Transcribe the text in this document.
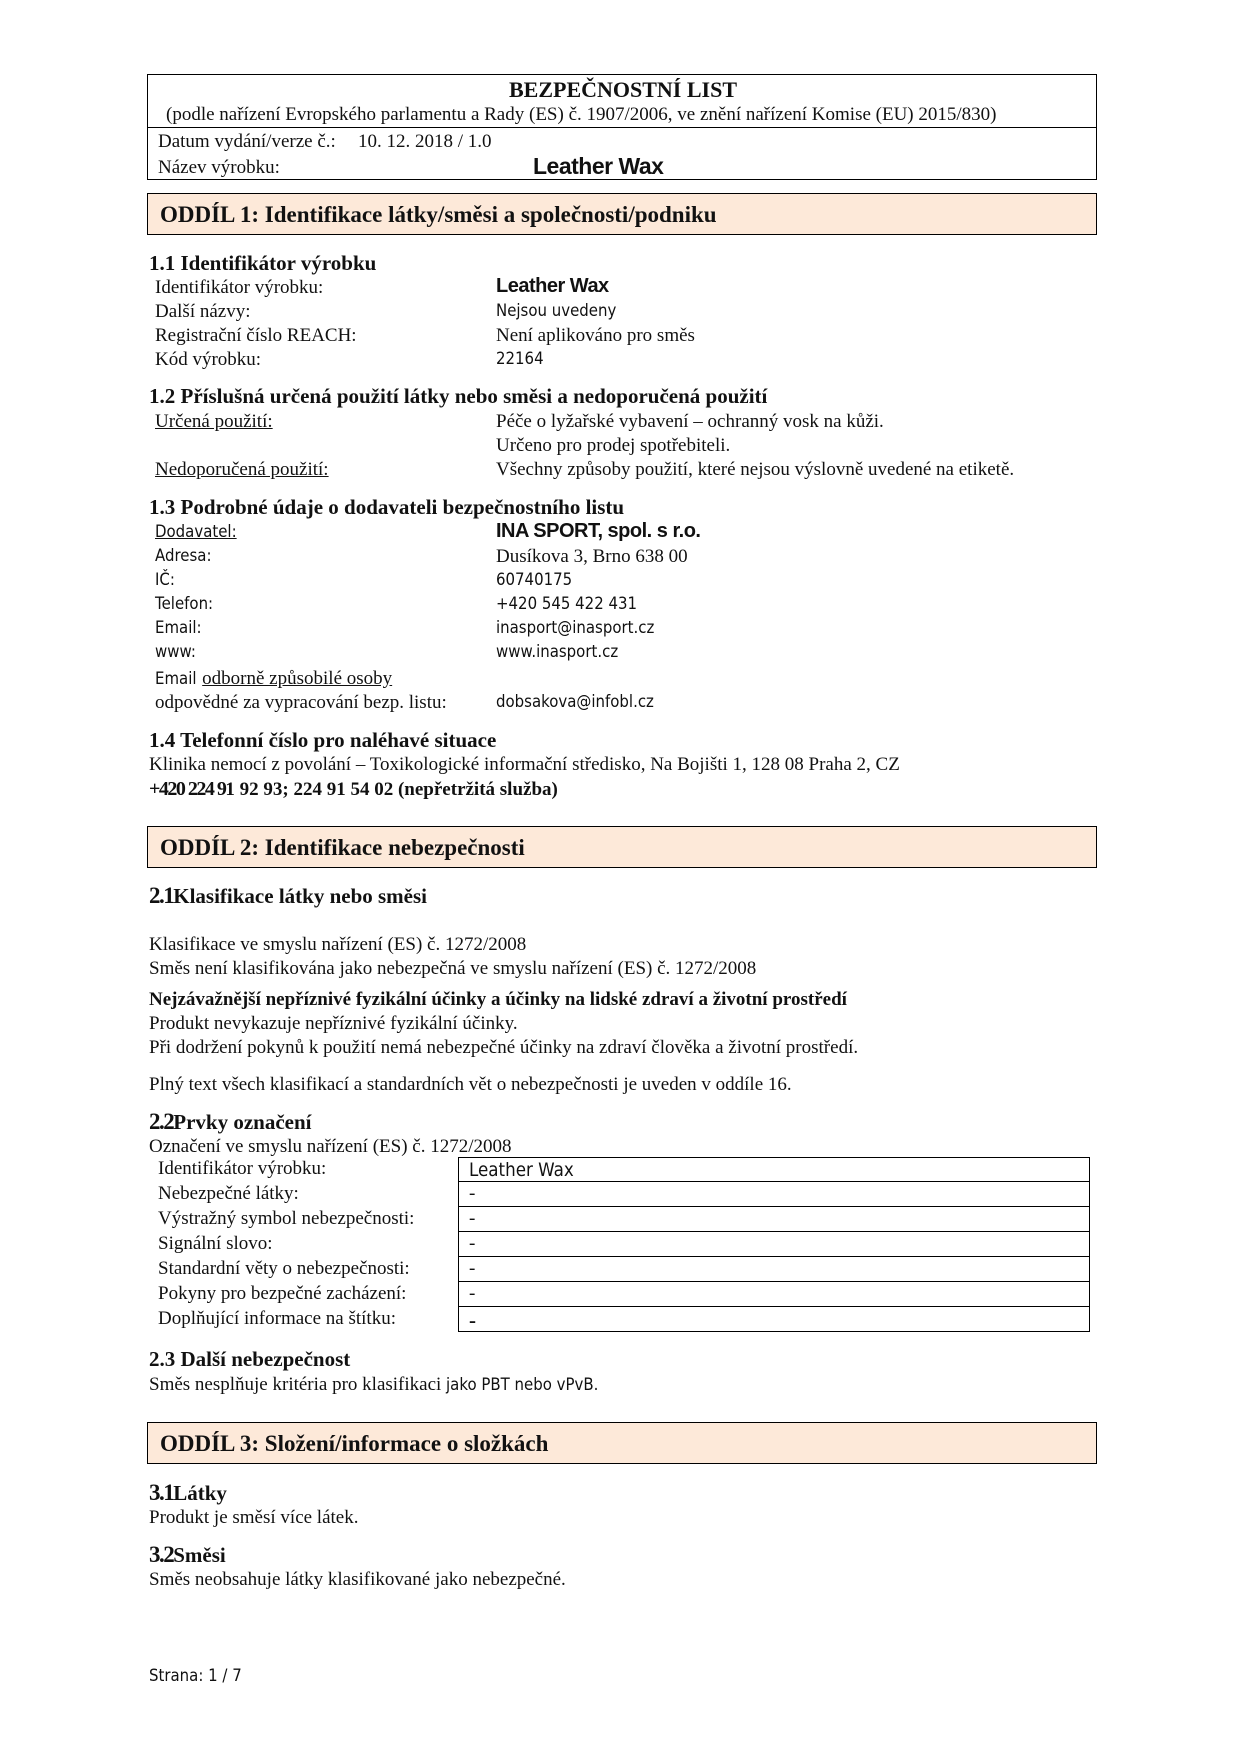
BEZPEČNOSTNÍ LIST
(podle nařízení Evropského parlamentu a Rady (ES) č. 1907/2006, ve znění nařízení Komise (EU) 2015/830)
Datum vydání/verze č.: 10. 12. 2018 / 1.0
Název výrobku:	Leather Wax
ODDÍL 1: Identifikace látky/směsi a společnosti/podniku
1.1 Identifikátor výrobku
Identifikátor výrobku:	Leather Wax
Další názvy:	Nejsou uvedeny
Registrační číslo REACH:	Není aplikováno pro směs
Kód výrobku:	22164
1.2 Příslušná určená použití látky nebo směsi a nedoporučená použití
Určená použití:	Péče o lyžařské vybavení – ochranný vosk na kůži.
Určeno pro prodej spotřebiteli.
Nedoporučená použití:	Všechny způsoby použití, které nejsou výslovně uvedené na etiketě.
1.3 Podrobné údaje o dodavateli bezpečnostního listu
Dodavatel:	INA SPORT, spol. s r.o.
Adresa:	Dusíkova 3, Brno 638 00
IČ:	60740175
Telefon:	+420 545 422 431
Email:	inasport@inasport.cz
www:	www.inasport.cz
Emailodborně způsobilé osoby
odpovědné za vypracování bezp. listu:	dobsakova@infobl.cz
1.4 Telefonní číslo pro naléhavé situace
Klinika nemocí z povolání – Toxikologické informační středisko, Na Bojišti 1, 128 08 Praha 2, CZ
+420 224 91 92 93; 224 91 54 02 (nepřetržitá služba)
ODDÍL 2: Identifikace nebezpečnosti
2.1Klasifikace látky nebo směsi
Klasifikace ve smyslu nařízení (ES) č. 1272/2008
Směs není klasifikována jako nebezpečná ve smyslu nařízení (ES) č. 1272/2008
Nejzávažnější nepříznivé fyzikální účinky a účinky na lidské zdraví a životní prostředí
Produkt nevykazuje nepříznivé fyzikální účinky.
Při dodržení pokynů k použití nemá nebezpečné účinky na zdraví člověka a životní prostředí.
Plný text všech klasifikací a standardních vět o nebezpečnosti je uveden v oddíle 16.
2.2Prvky označení
Označení ve smyslu nařízení (ES) č. 1272/2008
Identifikátor výrobku:	Leather Wax
Nebezpečné látky:	-
Výstražný symbol nebezpečnosti:	-
Signální slovo:	-
Standardní věty o nebezpečnosti:	-
Pokyny pro bezpečné zacházení:	-
Doplňující informace na štítku:	-
2.3 Další nebezpečnost
Směs nesplňuje kritéria pro klasifikaci jako PBT nebo vPvB.
ODDÍL 3: Složení/informace o složkách
3.1Látky
Produkt je směsí více látek.
3.2Směsi
Směs neobsahuje látky klasifikované jako nebezpečné.
Strana: 1 / 7
